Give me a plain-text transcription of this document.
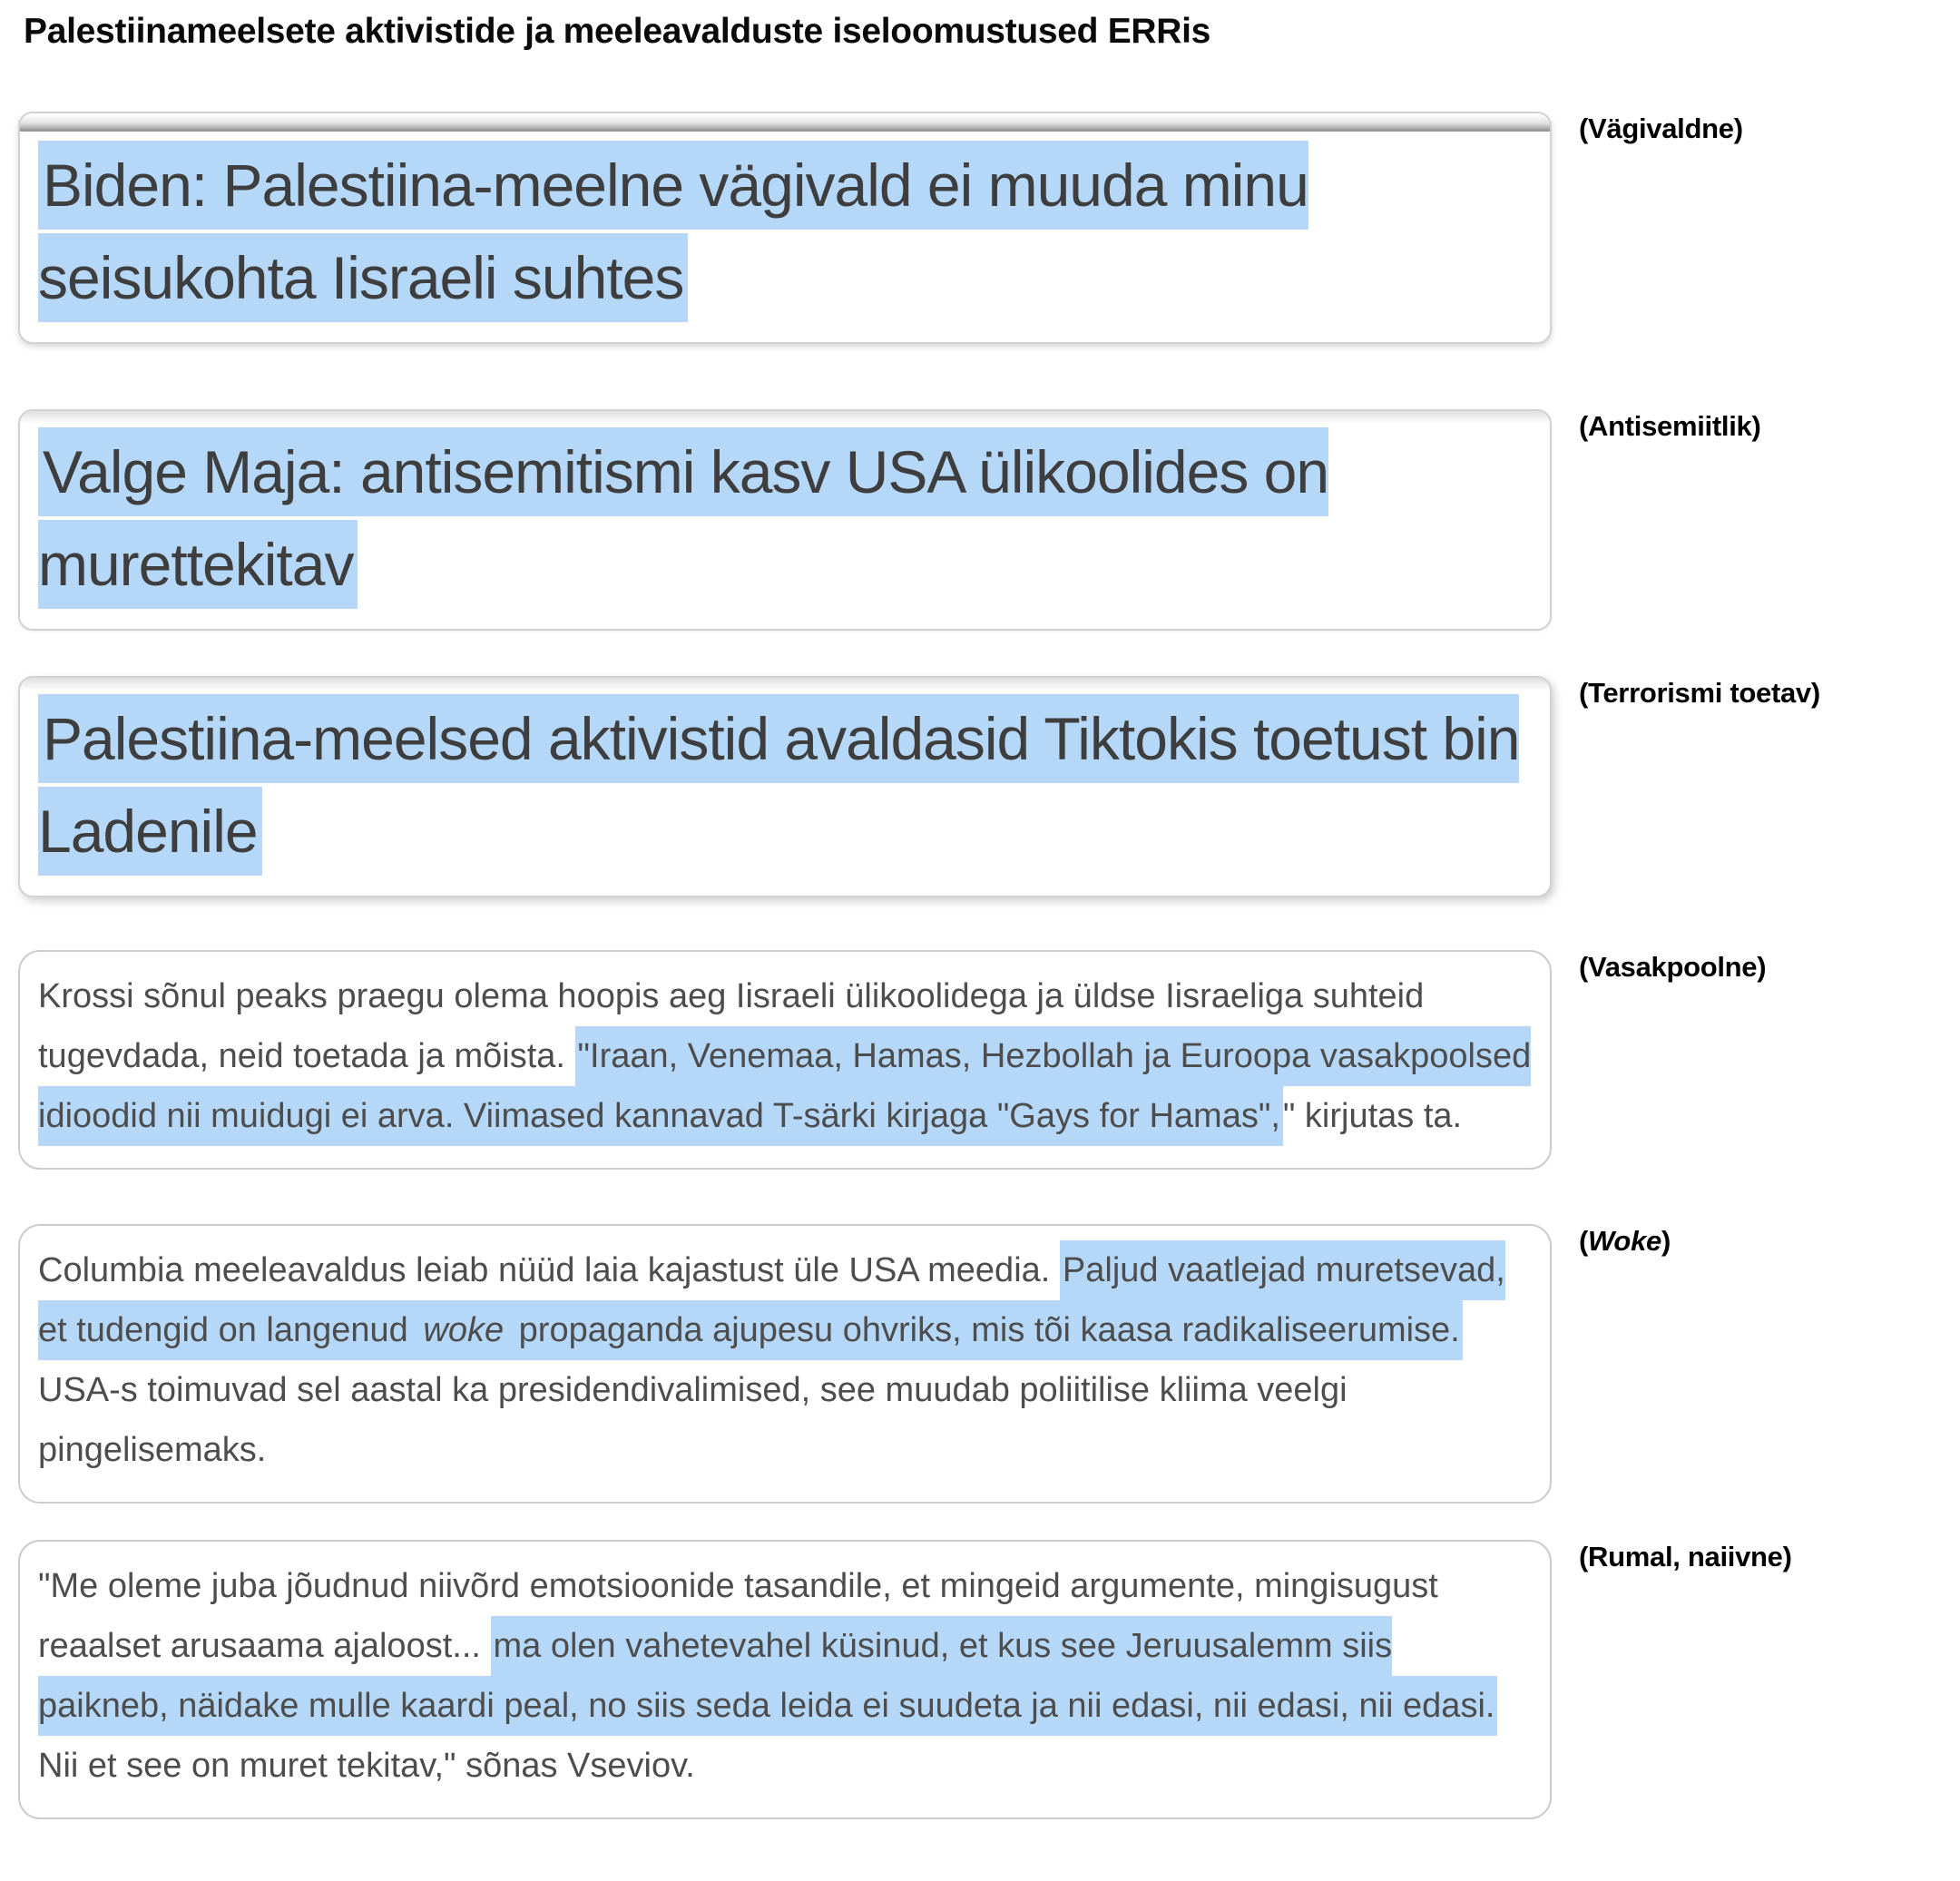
Palestiinameelsete aktivistide ja meeleavalduste iseloomustused ERRis
Biden: Palestiina-meelne vägivald ei muuda minu seisukohta Iisraeli suhtes
(Vägivaldne)
Valge Maja: antisemitismi kasv USA ülikoolides on murettekitav
(Antisemiitlik)
Palestiina-meelsed aktivistid avaldasid Tiktokis toetust bin Ladenile
(Terrorismi toetav)

Krossi sõnul peaks praegu olema hoopis aeg Iisraeli ülikoolidega ja üldse Iisraeliga suhteid tugevdada, neid toetada ja mõista. "Iraan, Venemaa, Hamas, Hezbollah ja Euroopa vasakpoolsed idioodid nii muidugi ei arva. Viimased kannavad T-särki kirjaga "Gays for Hamas"," kirjutas ta.

(Vasakpoolne)

Columbia meeleavaldus leiab nüüd laia kajastust üle USA meedia. Paljud vaatlejad muretsevad, et tudengid on langenud woke propaganda ajupesu ohvriks, mis tõi kaasa radikaliseerumise. USA-s toimuvad sel aastal ka presidendivalimised, see muudab poliitilise kliima veelgi pingelisemaks.

(Woke)

"Me oleme juba jõudnud niivõrd emotsioonide tasandile, et mingeid argumente, mingisugust reaalset arusaama ajaloost... ma olen vahetevahel küsinud, et kus see Jeruusalemm siis paikneb, näidake mulle kaardi peal, no siis seda leida ei suudeta ja nii edasi, nii edasi, nii edasi. Nii et see on muret tekitav," sõnas Vseviov.

(Rumal, naiivne)
